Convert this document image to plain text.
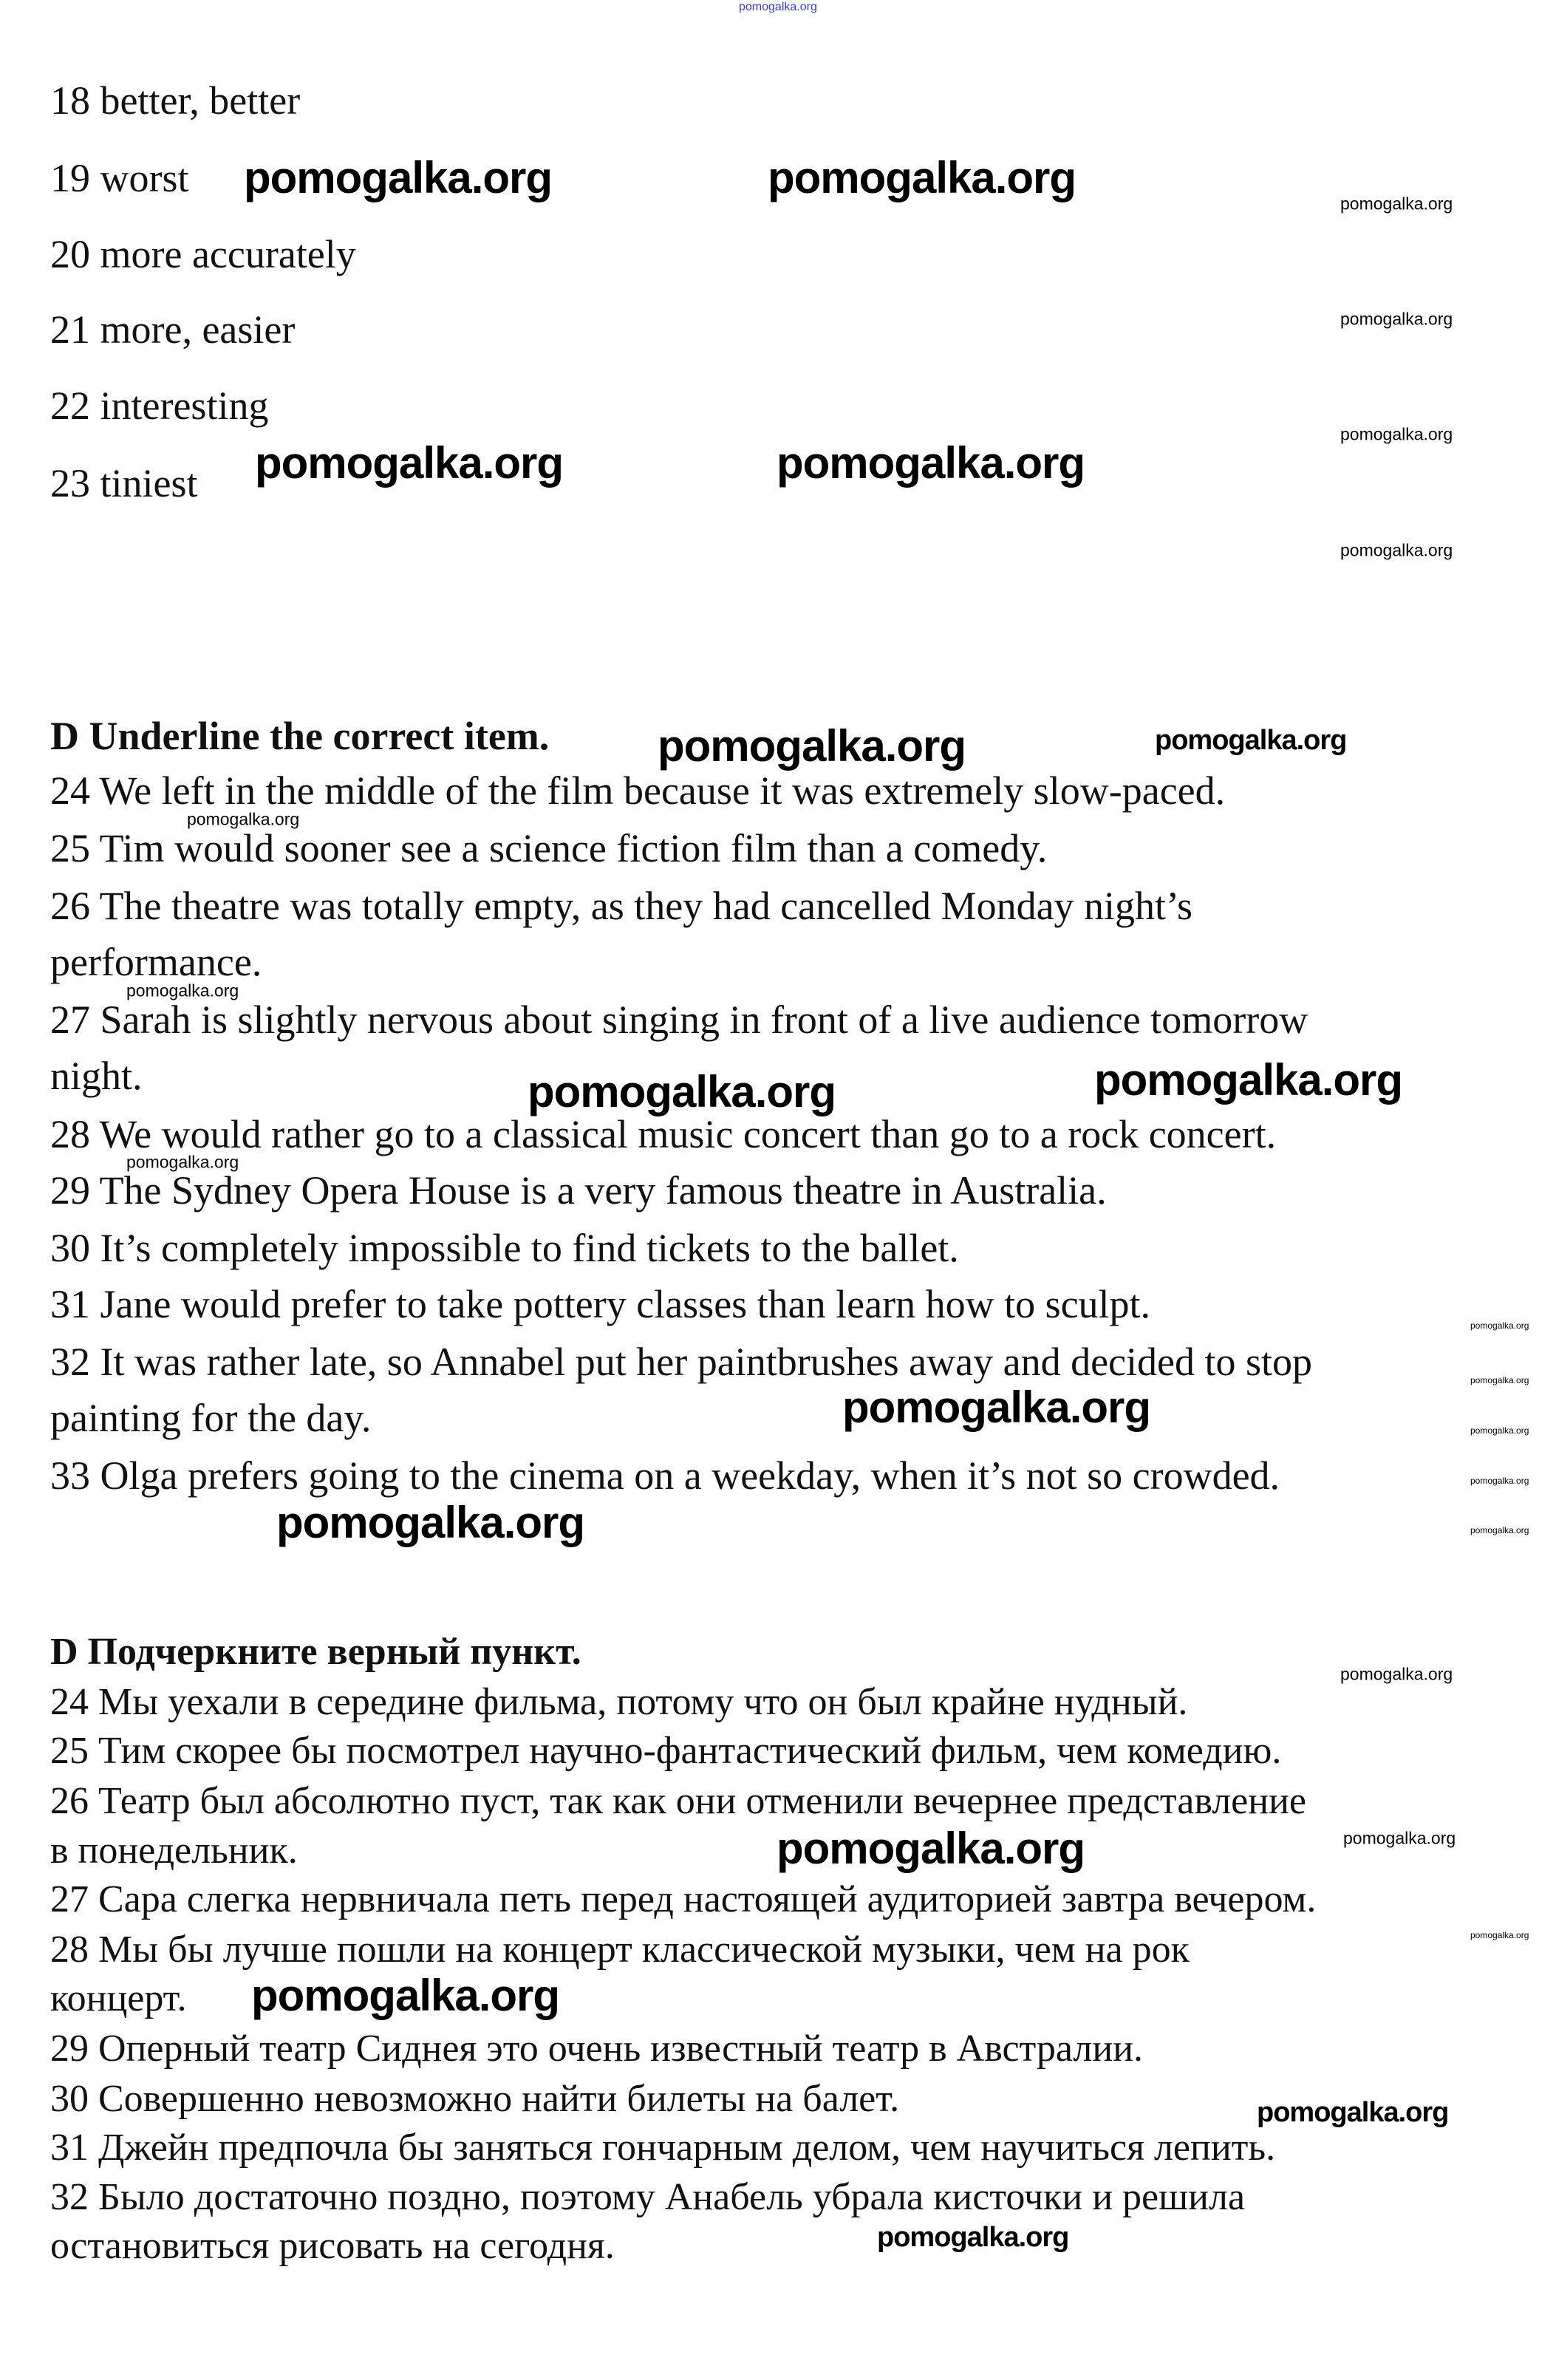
18 better, better
19 worst
20 more accurately
21 more, easier
22 interesting
23 tiniest
D Underline the correct item.
24 We left in the middle of the film because it was extremely slow-paced.
25 Tim would sooner see a science fiction film than a comedy.
26 The theatre was totally empty, as they had cancelled Monday night’s
performance.
27 Sarah is slightly nervous about singing in front of a live audience tomorrow
night.
28 We would rather go to a classical music concert than go to a rock concert.
29 The Sydney Opera House is a very famous theatre in Australia.
30 It’s completely impossible to find tickets to the ballet.
31 Jane would prefer to take pottery classes than learn how to sculpt.
32 It was rather late, so Annabel put her paintbrushes away and decided to stop
painting for the day.
33 Olga prefers going to the cinema on a weekday, when it’s not so crowded.
D Подчеркните верный пункт.
24 Мы уехали в середине фильма, потому что он был крайне нудный.
25 Тим скорее бы посмотрел научно-фантастический фильм, чем комедию.
26 Театр был абсолютно пуст, так как они отменили вечернее представление
в понедельник.
27 Сара слегка нервничала петь перед настоящей аудиторией завтра вечером.
28 Мы бы лучше пошли на концерт классической музыки, чем на рок
концерт.
29 Оперный театр Сиднея это очень известный театр в Австралии.
30 Совершенно невозможно найти билеты на балет.
31 Джейн предпочла бы заняться гончарным делом, чем научиться лепить.
32 Было достаточно поздно, поэтому Анабель убрала кисточки и решила
остановиться рисовать на сегодня.
pomogalka.org
pomogalka.org	pomogalka.org
pomogalka.org	pomogalka.org
pomogalka.org
pomogalka.org	pomogalka.org
pomogalka.org
pomogalka.org
pomogalka.org
pomogalka.org
pomogalka.org
pomogalka.org
pomogalka.org
pomogalka.org
pomogalka.org
pomogalka.org
pomogalka.org
pomogalka.org
pomogalka.org
pomogalka.org
pomogalka.org
pomogalka.org
pomogalka.org
pomogalka.org
pomogalka.org
pomogalka.org
pomogalka.org
pomogalka.org
